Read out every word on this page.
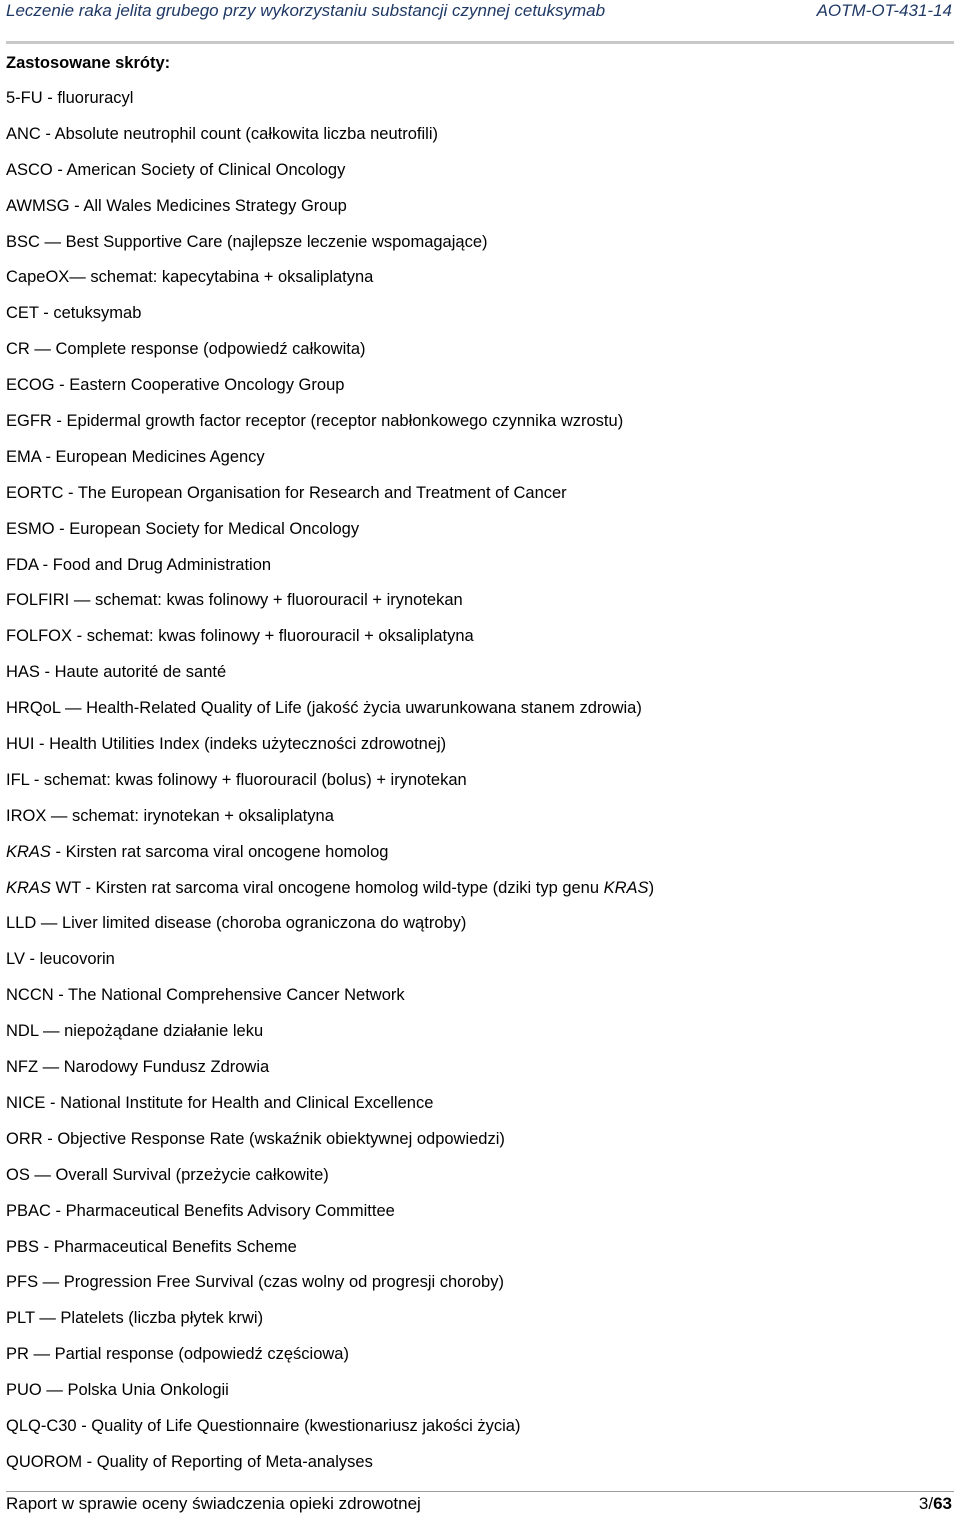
Leczenie raka jelita grubego przy wykorzystaniu substancji czynnej cetuksymab	AOTM-OT-431-14
Zastosowane skróty:
5-FU - fluoruracyl
ANC - Absolute neutrophil count (całkowita liczba neutrofili)
ASCO - American Society of Clinical Oncology
AWMSG - All Wales Medicines Strategy Group
BSC — Best Supportive Care (najlepsze leczenie wspomagające)
CapeOX— schemat: kapecytabina + oksaliplatyna
CET - cetuksymab
CR — Complete response (odpowiedź całkowita)
ECOG - Eastern Cooperative Oncology Group
EGFR - Epidermal growth factor receptor (receptor nabłonkowego czynnika wzrostu)
EMA - European Medicines Agency
EORTC - The European Organisation for Research and Treatment of Cancer
ESMO - European Society for Medical Oncology
FDA - Food and Drug Administration
FOLFIRI — schemat: kwas folinowy + fluorouracil + irynotekan
FOLFOX - schemat: kwas folinowy + fluorouracil + oksaliplatyna
HAS - Haute autorité de santé
HRQoL — Health-Related Quality of Life (jakość życia uwarunkowana stanem zdrowia)
HUI - Health Utilities Index (indeks użyteczności zdrowotnej)
IFL - schemat: kwas folinowy + fluorouracil (bolus) + irynotekan
IROX — schemat: irynotekan + oksaliplatyna
KRAS - Kirsten rat sarcoma viral oncogene homolog
KRAS WT - Kirsten rat sarcoma viral oncogene homolog wild-type (dziki typ genu KRAS)
LLD — Liver limited disease (choroba ograniczona do wątroby)
LV - leucovorin
NCCN - The National Comprehensive Cancer Network
NDL — niepożądane działanie leku
NFZ — Narodowy Fundusz Zdrowia
NICE - National Institute for Health and Clinical Excellence
ORR - Objective Response Rate (wskaźnik obiektywnej odpowiedzi)
OS — Overall Survival (przeżycie całkowite)
PBAC - Pharmaceutical Benefits Advisory Committee
PBS - Pharmaceutical Benefits Scheme
PFS — Progression Free Survival (czas wolny od progresji choroby)
PLT — Platelets (liczba płytek krwi)
PR — Partial response (odpowiedź częściowa)
PUO — Polska Unia Onkologii
QLQ-C30 - Quality of Life Questionnaire (kwestionariusz jakości życia)
QUOROM - Quality of Reporting of Meta-analyses
Raport w sprawie oceny świadczenia opieki zdrowotnej	3/63
